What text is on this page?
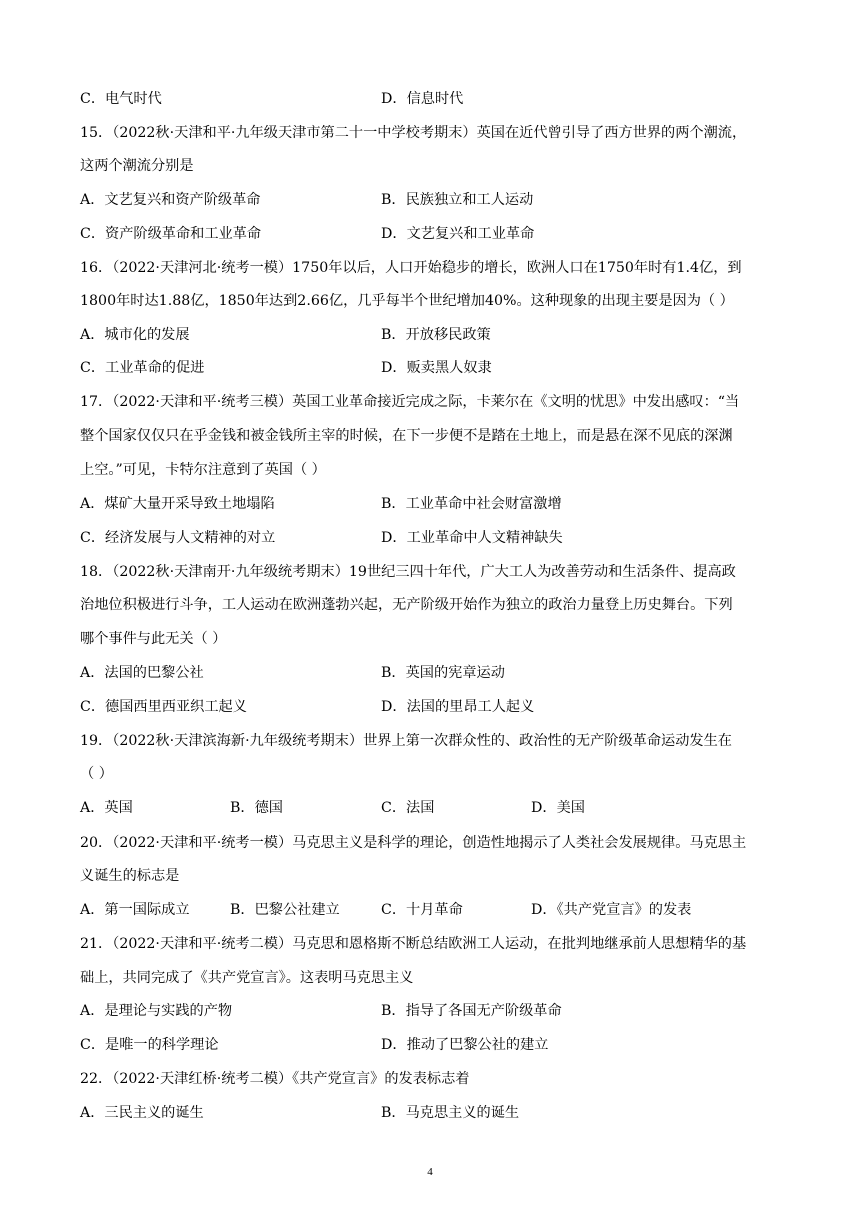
C．电气时代	D．信息时代
15．（2022秋·天津和平·九年级天津市第二十一中学校考期末）英国在近代曾引导了西方世界的两个潮流，
这两个潮流分别是
A．文艺复兴和资产阶级革命	B．民族独立和工人运动
C．资产阶级革命和工业革命	D．文艺复兴和工业革命
16．（2022·天津河北·统考一模）1750年以后，人口开始稳步的增长，欧洲人口在1750年时有1.4亿，到
1800年时达1.88亿，1850年达到2.66亿，几乎每半个世纪增加40%。这种现象的出现主要是因为（ ）
A．城市化的发展	B．开放移民政策
C．工业革命的促进	D．贩卖黑人奴隶
17．（2022·天津和平·统考三模）英国工业革命接近完成之际，卡莱尔在《文明的忧思》中发出感叹：“当
整个国家仅仅只在乎金钱和被金钱所主宰的时候，在下一步便不是踏在土地上，而是悬在深不见底的深渊
上空。”可见，卡特尔注意到了英国（ ）
A．煤矿大量开采导致土地塌陷	B．工业革命中社会财富激增
C．经济发展与人文精神的对立	D．工业革命中人文精神缺失
18．（2022秋·天津南开·九年级统考期末）19世纪三四十年代，广大工人为改善劳动和生活条件、提高政
治地位积极进行斗争，工人运动在欧洲蓬勃兴起，无产阶级开始作为独立的政治力量登上历史舞台。下列
哪个事件与此无关（ ）
A．法国的巴黎公社	B．英国的宪章运动
C．德国西里西亚织工起义	D．法国的里昂工人起义
19．（2022秋·天津滨海新·九年级统考期末）世界上第一次群众性的、政治性的无产阶级革命运动发生在
（ ）
A．英国	B．德国	C．法国	D．美国
20．（2022·天津和平·统考一模）马克思主义是科学的理论，创造性地揭示了人类社会发展规律。马克思主
义诞生的标志是
A．第一国际成立	B．巴黎公社建立	C．十月革命	D．《共产党宣言》的发表
21．（2022·天津和平·统考二模）马克思和恩格斯不断总结欧洲工人运动，在批判地继承前人思想精华的基
础上，共同完成了《共产党宣言》。这表明马克思主义
A．是理论与实践的产物	B．指导了各国无产阶级革命
C．是唯一的科学理论	D．推动了巴黎公社的建立
22．（2022·天津红桥·统考二模）《共产党宣言》的发表标志着
A．三民主义的诞生	B．马克思主义的诞生
4
